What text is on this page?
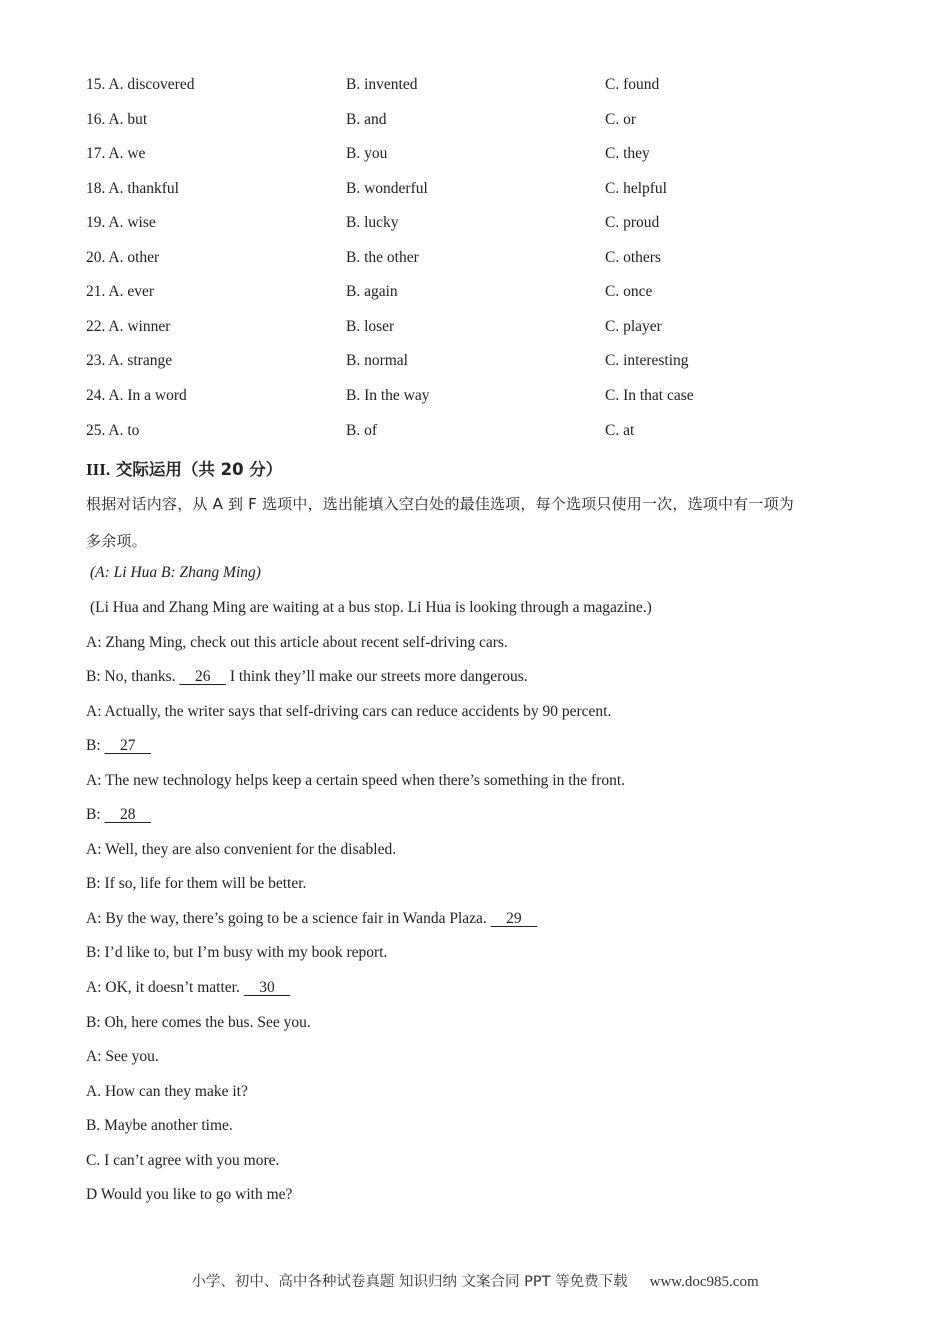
15. A. discovered	B. invented	C. found
16. A. but	B. and	C. or
17. A. we	B. you	C. they
18. A. thankful	B. wonderful	C. helpful
19. A. wise	B. lucky	C. proud
20. A. other	B. the other	C. others
21. A. ever	B. again	C. once
22. A. winner	B. loser	C. player
23. A. strange	B. normal	C. interesting
24. A. In a word	B. In the way	C. In that case
25. A. to	B. of	C. at
III. 交际运用（共 20 分）
根据对话内容，从 A 到 F 选项中，选出能填入空白处的最佳选项，每个选项只使用一次，选项中有一项为
多余项。
(A: Li Hua B: Zhang Ming)
(Li Hua and Zhang Ming are waiting at a bus stop. Li Hua is looking through a magazine.)
A: Zhang Ming, check out this article about recent self-driving cars.
B: No, thanks.     26     I think they’ll make our streets more dangerous.
A: Actually, the writer says that self-driving cars can reduce accidents by 90 percent.
B:     27
A: The new technology helps keep a certain speed when there’s something in the front.
B:     28
A: Well, they are also convenient for the disabled.
B: If so, life for them will be better.
A: By the way, there’s going to be a science fair in Wanda Plaza.     29
B: I’d like to, but I’m busy with my book report.
A: OK, it doesn’t matter.     30
B: Oh, here comes the bus. See you.
A: See you.
A. How can they make it?
B. Maybe another time.
C. I can’t agree with you more.
D Would you like to go with me?
小学、初中、高中各种试卷真题 知识归纳 文案合同 PPT 等免费下载 www.doc985.com
